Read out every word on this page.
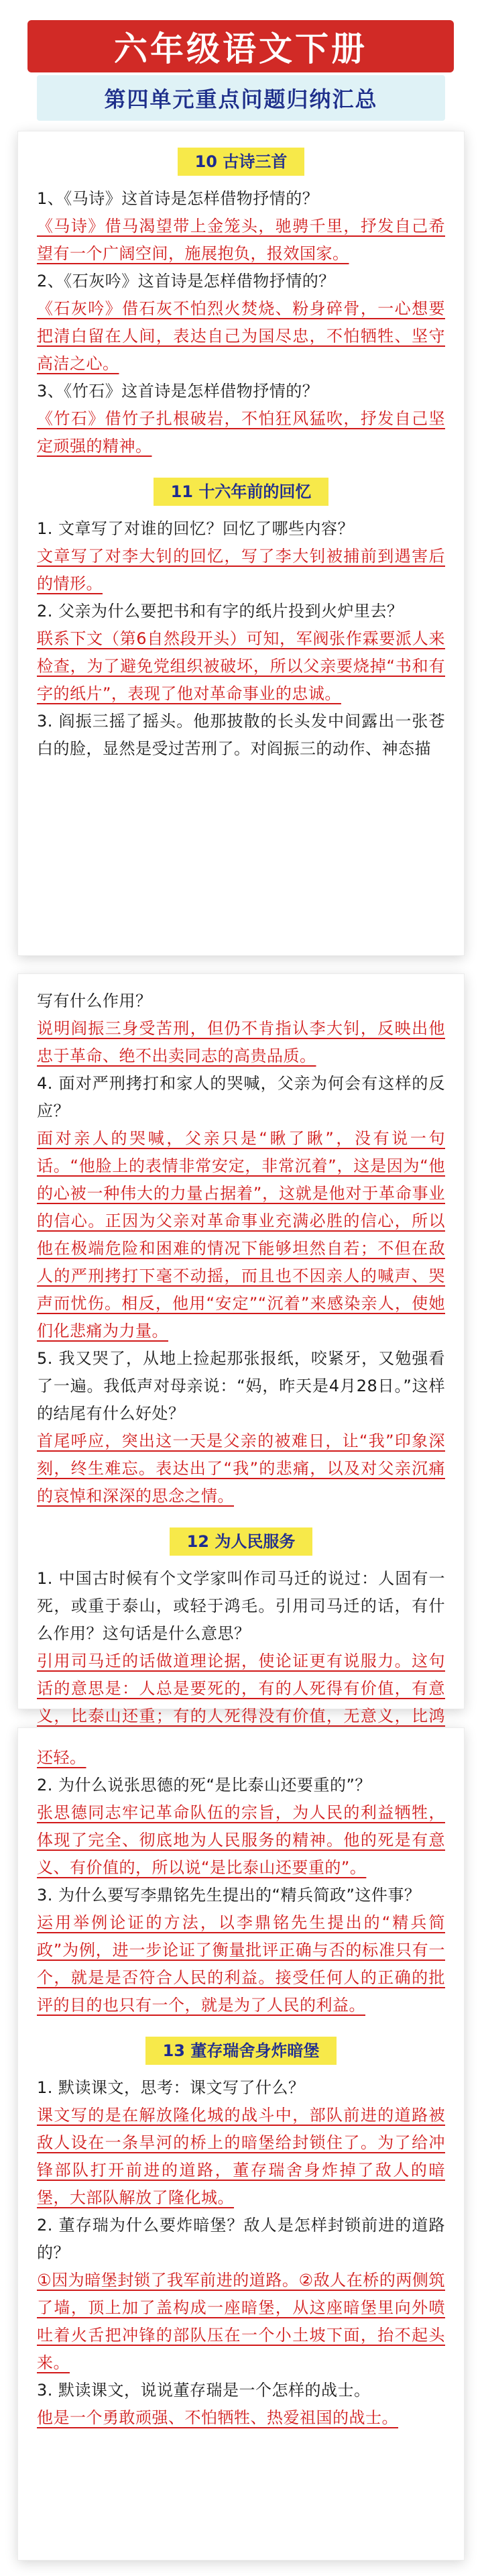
六年级语文下册
第四单元重点问题归纳汇总
10 古诗三首
1、《马诗》这首诗是怎样借物抒情的？
《马诗》借马渴望带上金笼头，驰骋千里，抒发自己希望有一个广阔空间，施展抱负，报效国家。
2、《石灰吟》这首诗是怎样借物抒情的？
《石灰吟》借石灰不怕烈火焚烧、粉身碎骨，一心想要把清白留在人间，表达自己为国尽忠，不怕牺牲、坚守高洁之心。
3、《竹石》这首诗是怎样借物抒情的？
《竹石》借竹子扎根破岩，不怕狂风猛吹，抒发自己坚定顽强的精神。
11 十六年前的回忆
1. 文章写了对谁的回忆？回忆了哪些内容？
文章写了对李大钊的回忆，写了李大钊被捕前到遇害后的情形。
2. 父亲为什么要把书和有字的纸片投到火炉里去？
联系下文（第6自然段开头）可知，军阀张作霖要派人来检查，为了避免党组织被破坏，所以父亲要烧掉“书和有字的纸片”，表现了他对革命事业的忠诚。
3. 阎振三摇了摇头。他那披散的长头发中间露出一张苍白的脸，显然是受过苦刑了。对阎振三的动作、神态描
写有什么作用？
说明阎振三身受苦刑，但仍不肯指认李大钊，反映出他忠于革命、绝不出卖同志的高贵品质。
4. 面对严刑拷打和家人的哭喊，父亲为何会有这样的反应？
面对亲人的哭喊，父亲只是“瞅了瞅”，没有说一句话。“他脸上的表情非常安定，非常沉着”，这是因为“他的心被一种伟大的力量占据着”，这就是他对于革命事业的信心。正因为父亲对革命事业充满必胜的信心，所以他在极端危险和困难的情况下能够坦然自若；不但在敌人的严刑拷打下毫不动摇，而且也不因亲人的喊声、哭声而忧伤。相反，他用“安定”“沉着”来感染亲人，使她们化悲痛为力量。
5. 我又哭了，从地上捡起那张报纸，咬紧牙，又勉强看了一遍。我低声对母亲说：“妈，昨天是4月28日。”这样的结尾有什么好处？
首尾呼应，突出这一天是父亲的被难日，让“我”印象深刻，终生难忘。表达出了“我”的悲痛，以及对父亲沉痛的哀悼和深深的思念之情。
12 为人民服务
1. 中国古时候有个文学家叫作司马迁的说过：人固有一死，或重于泰山，或轻于鸿毛。引用司马迁的话，有什么作用？这句话是什么意思？
引用司马迁的话做道理论据，使论证更有说服力。这句话的意思是：人总是要死的，有的人死得有价值，有意义，比泰山还重；有的人死得没有价值，无意义，比鸿
还轻。
2. 为什么说张思德的死“是比泰山还要重的”？
张思德同志牢记革命队伍的宗旨，为人民的利益牺牲，体现了完全、彻底地为人民服务的精神。他的死是有意义、有价值的，所以说“是比泰山还要重的”。
3. 为什么要写李鼎铭先生提出的“精兵简政”这件事？
运用举例论证的方法，以李鼎铭先生提出的“精兵简政”为例，进一步论证了衡量批评正确与否的标准只有一个，就是是否符合人民的利益。接受任何人的正确的批评的目的也只有一个，就是为了人民的利益。
13 董存瑞舍身炸暗堡
1. 默读课文，思考：课文写了什么？
课文写的是在解放隆化城的战斗中，部队前进的道路被敌人设在一条旱河的桥上的暗堡给封锁住了。为了给冲锋部队打开前进的道路，董存瑞舍身炸掉了敌人的暗堡，大部队解放了隆化城。
2. 董存瑞为什么要炸暗堡？敌人是怎样封锁前进的道路的？
①因为暗堡封锁了我军前进的道路。②敌人在桥的两侧筑了墙，顶上加了盖构成一座暗堡，从这座暗堡里向外喷吐着火舌把冲锋的部队压在一个小土坡下面，抬不起头来。
3. 默读课文，说说董存瑞是一个怎样的战士。
他是一个勇敢顽强、不怕牺牲、热爱祖国的战士。
